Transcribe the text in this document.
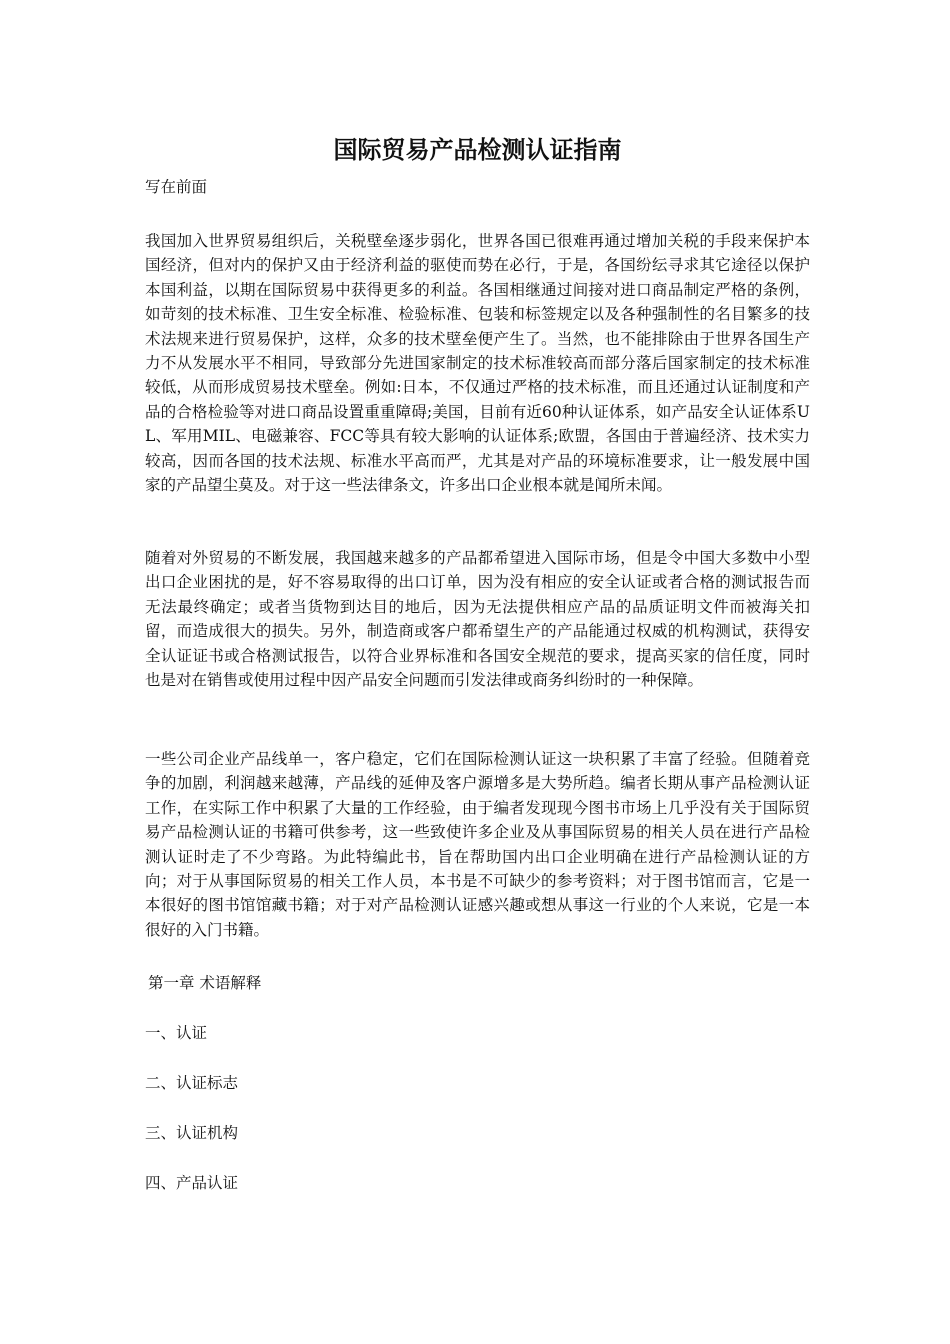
国际贸易产品检测认证指南

写在前面

我国加入世界贸易组织后，关税壁垒逐步弱化，世界各国已很难再通过增加关税的手段来保护本国经济，但对内的保护又由于经济利益的驱使而势在必行，于是，各国纷纭寻求其它途径以保护本国利益，以期在国际贸易中获得更多的利益。各国相继通过间接对进口商品制定严格的条例，如苛刻的技术标准、卫生安全标准、检验标准、包装和标签规定以及各种强制性的名目繁多的技术法规来进行贸易保护，这样，众多的技术壁垒便产生了。当然，也不能排除由于世界各国生产力不从发展水平不相同，导致部分先进国家制定的技术标准较高而部分落后国家制定的技术标准较低，从而形成贸易技术壁垒。例如:日本，不仅通过严格的技术标准，而且还通过认证制度和产品的合格检验等对进口商品设置重重障碍;美国，目前有近60种认证体系，如产品安全认证体系UL、军用MIL、电磁兼容、FCC等具有较大影响的认证体系;欧盟，各国由于普遍经济、技术实力较高，因而各国的技术法规、标准水平高而严，尤其是对产品的环境标准要求，让一般发展中国家的产品望尘莫及。对于这一些法律条文，许多出口企业根本就是闻所未闻。

随着对外贸易的不断发展，我国越来越多的产品都希望进入国际市场，但是令中国大多数中小型出口企业困扰的是，好不容易取得的出口订单，因为没有相应的安全认证或者合格的测试报告而无法最终确定；或者当货物到达目的地后，因为无法提供相应产品的品质证明文件而被海关扣留，而造成很大的损失。另外，制造商或客户都希望生产的产品能通过权威的机构测试，获得安全认证证书或合格测试报告，以符合业界标准和各国安全规范的要求，提高买家的信任度，同时也是对在销售或使用过程中因产品安全问题而引发法律或商务纠纷时的一种保障。

一些公司企业产品线单一，客户稳定，它们在国际检测认证这一块积累了丰富了经验。但随着竞争的加剧，利润越来越薄，产品线的延伸及客户源增多是大势所趋。编者长期从事产品检测认证工作，在实际工作中积累了大量的工作经验，由于编者发现现今图书市场上几乎没有关于国际贸易产品检测认证的书籍可供参考，这一些致使许多企业及从事国际贸易的相关人员在进行产品检测认证时走了不少弯路。为此特编此书，旨在帮助国内出口企业明确在进行产品检测认证的方向；对于从事国际贸易的相关工作人员，本书是不可缺少的参考资料；对于图书馆而言，它是一本很好的图书馆馆藏书籍；对于对产品检测认证感兴趣或想从事这一行业的个人来说，它是一本很好的入门书籍。

第一章 术语解释

一、认证

二、认证标志

三、认证机构

四、产品认证
